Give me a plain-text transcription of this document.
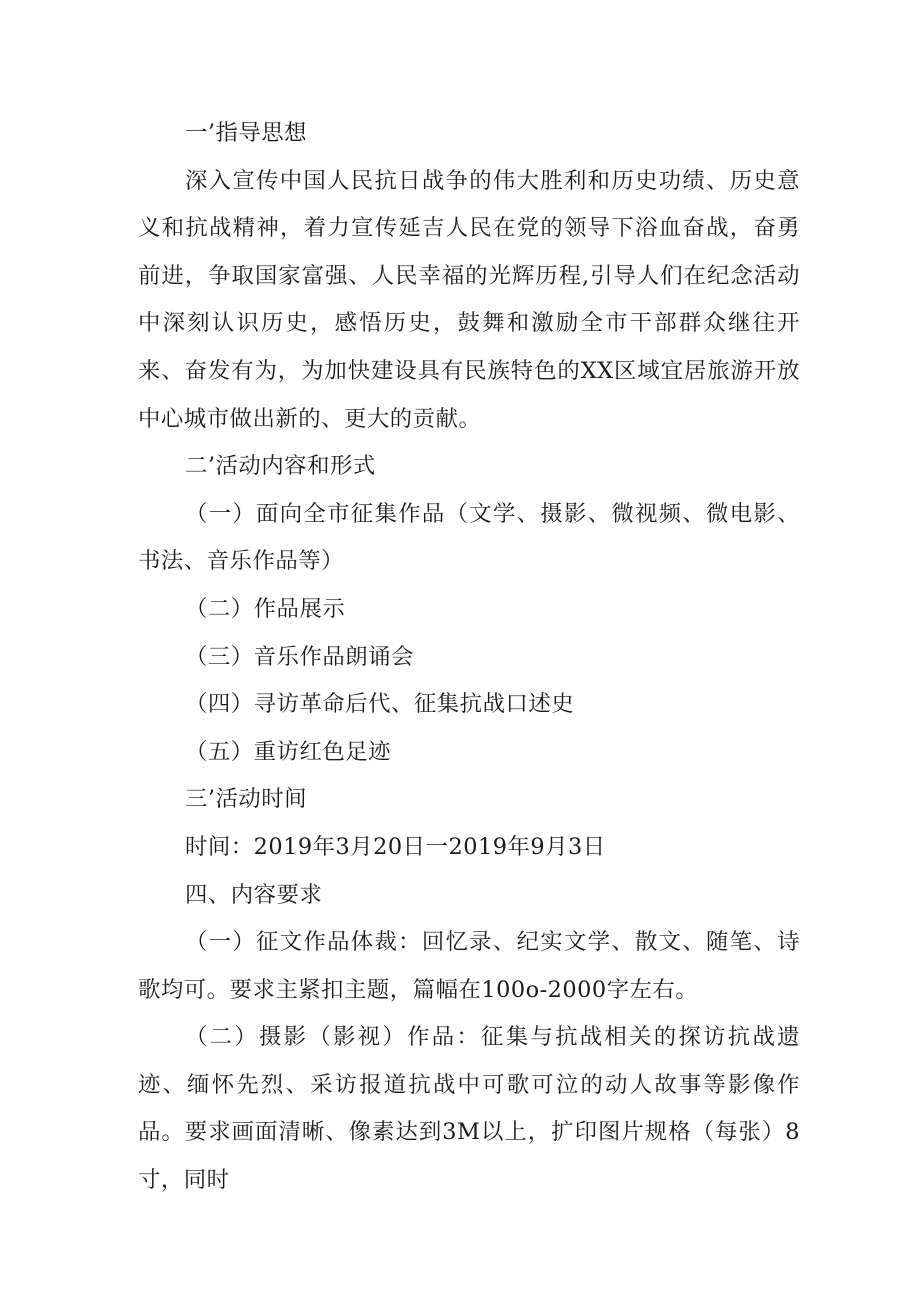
一’指导思想

深入宣传中国人民抗日战争的伟大胜利和历史功绩、历史意义和抗战精神，着力宣传延吉人民在党的领导下浴血奋战，奋勇前进，争取国家富强、人民幸福的光辉历程,引导人们在纪念活动中深刻认识历史，感悟历史，鼓舞和激励全市干部群众继往开来、奋发有为，为加快建设具有民族特色的XX区域宜居旅游开放中心城市做出新的、更大的贡献。

二’活动内容和形式

（一）面向全市征集作品（文学、摄影、微视频、微电影、书法、音乐作品等）

（二）作品展示

（三）音乐作品朗诵会

（四）寻访革命后代、征集抗战口述史

（五）重访红色足迹

三’活动时间

时间：2019年3月20日一2019年9月3日

四、内容要求

（一）征文作品体裁：回忆录、纪实文学、散文、随笔、诗歌均可。要求主紧扣主题，篇幅在100o-2000字左右。

（二）摄影（影视）作品：征集与抗战相关的探访抗战遗迹、缅怀先烈、采访报道抗战中可歌可泣的动人故事等影像作品。要求画面清晰、像素达到3M以上，扩印图片规格（每张）8寸，同时
